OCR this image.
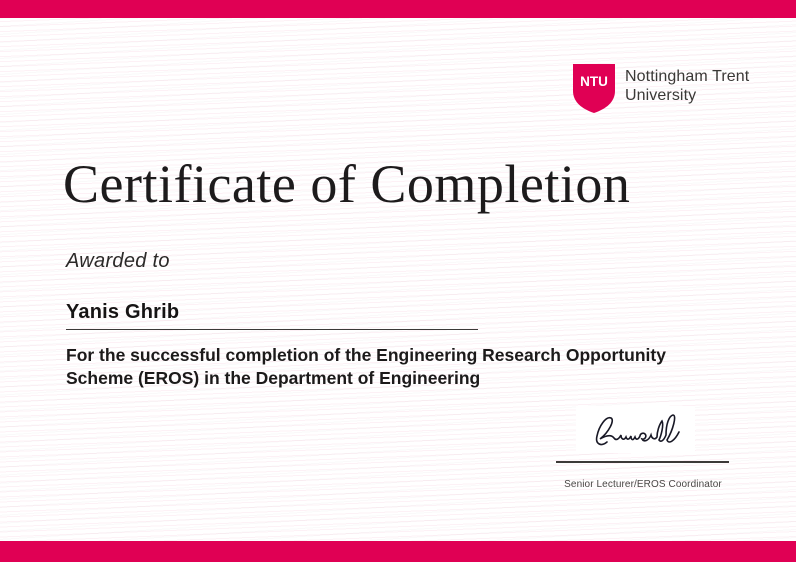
NTU Nottingham Trent
University
Certificate of Completion
Awarded to
Yanis Ghrib
For the successful completion of the Engineering Research Opportunity Scheme (EROS) in the Department of Engineering
Senior Lecturer/EROS Coordinator
